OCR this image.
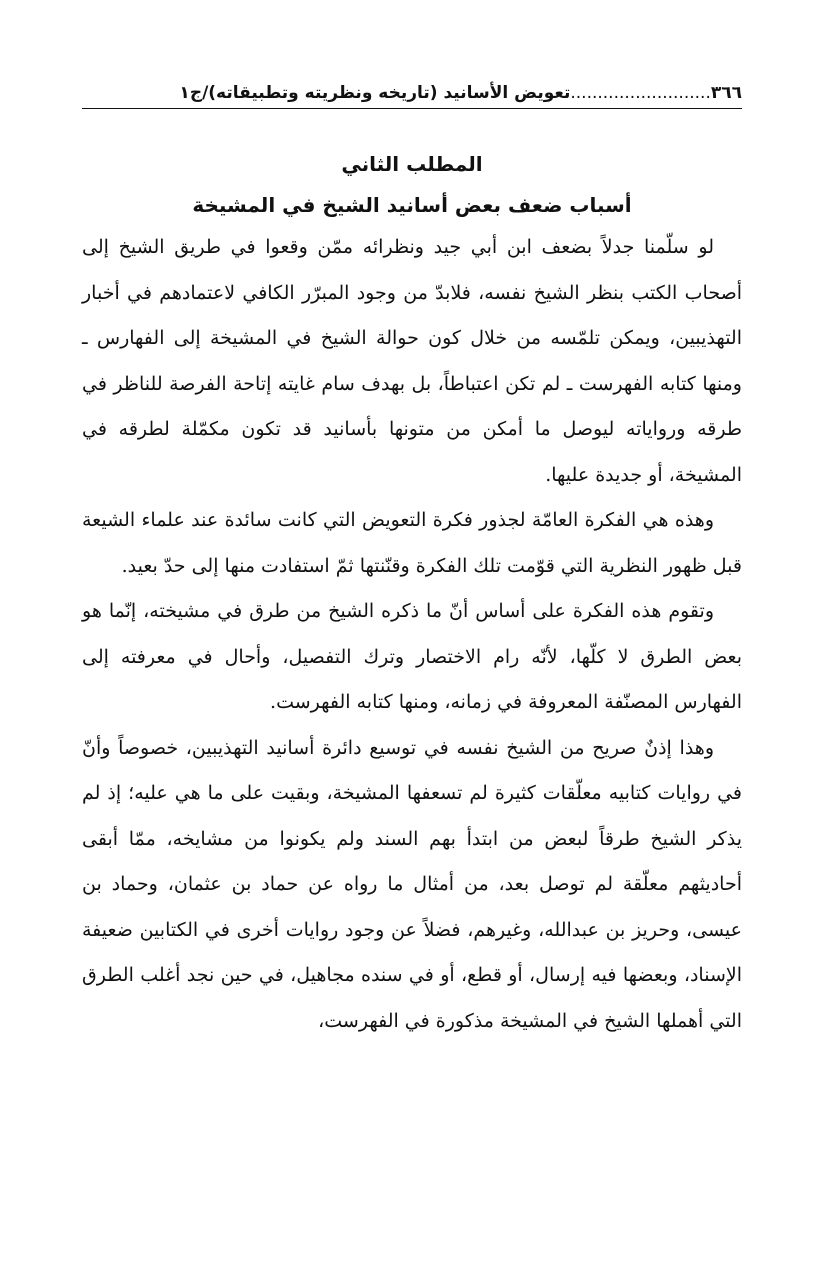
٣٦٦..........................تعويض الأسانيد (تاريخه ونظريته وتطبيقاته)/ج١
المطلب الثاني
أسباب ضعف بعض أسانيد الشيخ في المشيخة

لو سلّمنا جدلاً بضعف ابن أبي جيد ونظرائه ممّن وقعوا في طريق الشيخ إلى أصحاب الكتب بنظر الشيخ نفسه، فلابدّ من وجود المبرّر الكافي لاعتمادهم في أخبار التهذيبين، ويمكن تلمّسه من خلال كون حوالة الشيخ في المشيخة إلى الفهارس ـ ومنها كتابه الفهرست ـ لم تكن اعتباطاً، بل بهدف سام غايته إتاحة الفرصة للناظر في طرقه ورواياته ليوصل ما أمكن من متونها بأسانيد قد تكون مكمّلة لطرقه في المشيخة، أو جديدة عليها.

وهذه هي الفكرة العامّة لجذور فكرة التعويض التي كانت سائدة عند علماء الشيعة قبل ظهور النظرية التي قوّمت تلك الفكرة وقنّنتها ثمّ استفادت منها إلى حدّ بعيد.

وتقوم هذه الفكرة على أساس أنّ ما ذكره الشيخ من طرق في مشيخته، إنّما هو بعض الطرق لا كلّها، لأنّه رام الاختصار وترك التفصيل، وأحال في معرفته إلى الفهارس المصنّفة المعروفة في زمانه، ومنها كتابه الفهرست.

وهذا إذنٌ صريح من الشيخ نفسه في توسيع دائرة أسانيد التهذيبين، خصوصاً وأنّ في روايات كتابيه معلّقات كثيرة لم تسعفها المشيخة، وبقيت على ما هي عليه؛ إذ لم يذكر الشيخ طرقاً لبعض من ابتدأ بهم السند ولم يكونوا من مشايخه، ممّا أبقى أحاديثهم معلّقة لم توصل بعد، من أمثال ما رواه عن حماد بن عثمان، وحماد بن عيسى، وحريز بن عبدالله، وغيرهم، فضلاً عن وجود روايات أخرى في الكتابين ضعيفة الإسناد، وبعضها فيه إرسال، أو قطع، أو في سنده مجاهيل، في حين نجد أغلب الطرق التي أهملها الشيخ في المشيخة مذكورة في الفهرست،
